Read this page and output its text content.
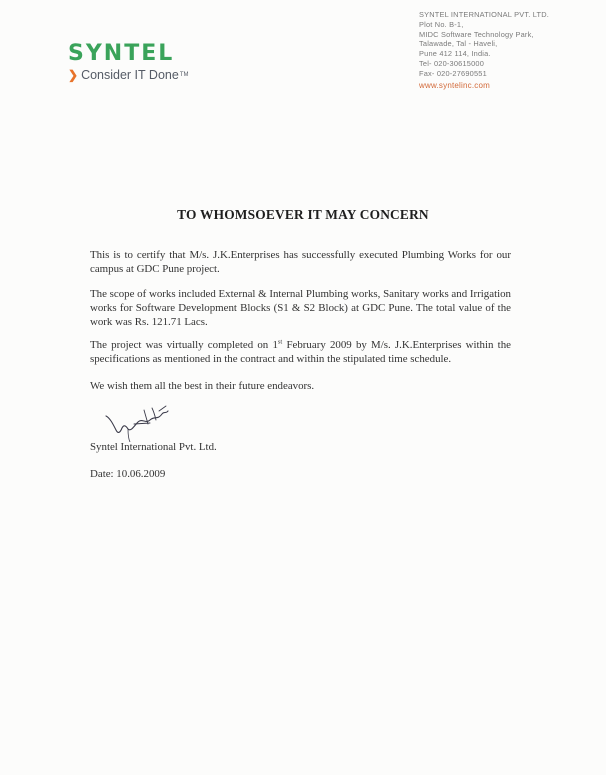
SYNTEL
❯ Consider IT Done™
SYNTEL INTERNATIONAL PVT. LTD.
Plot No. B-1,
MIDC Software Technology Park,
Talawade, Tal - Haveli,
Pune 412 114, India.
Tel- 020-30615000
Fax- 020-27690551
www.syntelinc.com
TO WHOMSOEVER IT MAY CONCERN
This is to certify that M/s. J.K.Enterprises has successfully executed Plumbing Works for our campus at GDC Pune project.
The scope of works included External & Internal Plumbing works, Sanitary works and Irrigation works for Software Development Blocks (S1 & S2 Block) at GDC Pune. The total value of the work was Rs. 121.71 Lacs.
The project was virtually completed on 1st February 2009 by M/s. J.K.Enterprises within the specifications as mentioned in the contract and within the stipulated time schedule.
We wish them all the best in their future endeavors.
Syntel International Pvt. Ltd.
Date: 10.06.2009
